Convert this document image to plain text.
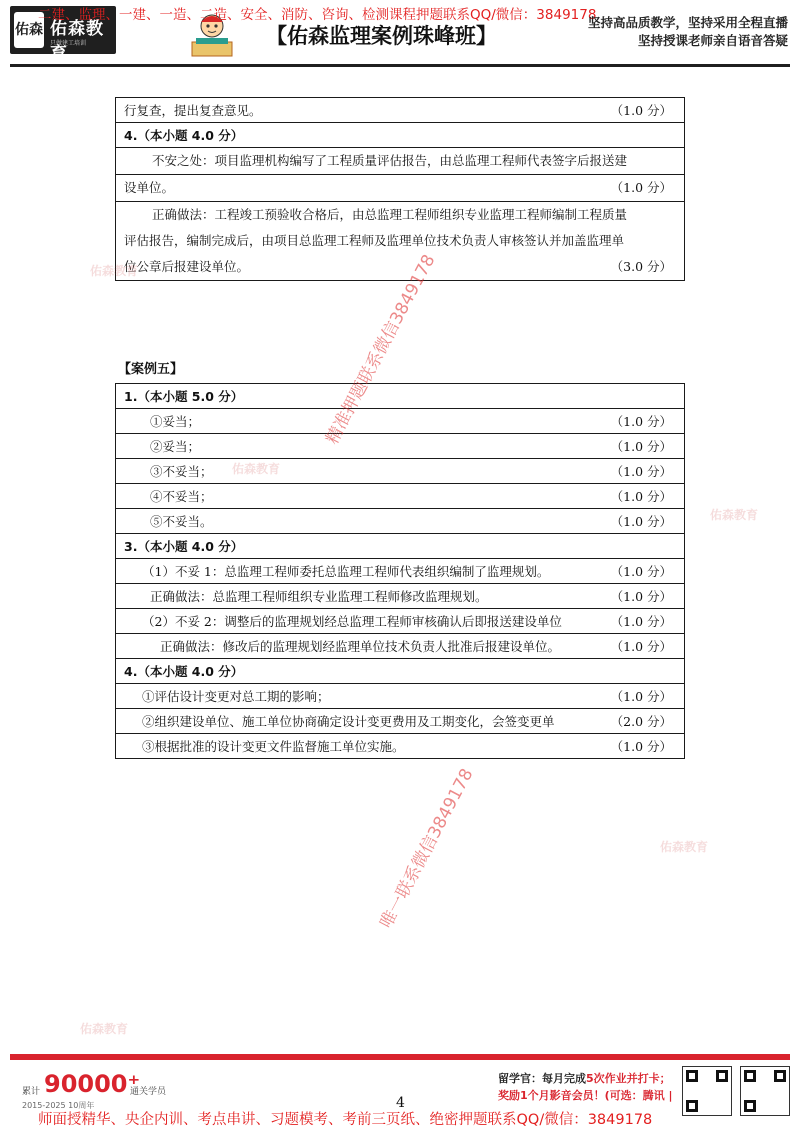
佑森 佑森教育
只做建工培训
二建、监理、一建、一造、二造、安全、消防、咨询、检测课程押题联系QQ/微信：3849178
【佑森监理案例珠峰班】
坚持高品质教学，坚持采用全程直播
坚持授课老师亲自语音答疑
行复查，提出复查意见。	（1.0 分）
4.（本小题 4.0 分）

不安之处：项目监理机构编写了工程质量评估报告，由总监理工程师代表签字后报送建
设单位。	（1.0 分）

正确做法：工程竣工预验收合格后，由总监理工程师组织专业监理工程师编制工程质量
评估报告，编制完成后，由项目总监理工程师及监理单位技术负责人审核签认并加盖监理单
位公章后报建设单位。	（3.0 分）
【案例五】
1.（本小题 5.0 分）	
①妥当；	（1.0 分）
②妥当；	（1.0 分）
③不妥当；	（1.0 分）
④不妥当；	（1.0 分）
⑤不妥当。	（1.0 分）
3.（本小题 4.0 分）	
（1）不妥 1：总监理工程师委托总监理工程师代表组织编制了监理规划。	（1.0 分）
正确做法：总监理工程师组织专业监理工程师修改监理规划。	（1.0 分）
（2）不妥 2：调整后的监理规划经总监理工程师审核确认后即报送建设单位	（1.0 分）
正确做法：修改后的监理规划经监理单位技术负责人批准后报建设单位。	（1.0 分）
4.（本小题 4.0 分）	
①评估设计变更对总工期的影响；	（1.0 分）
②组织建设单位、施工单位协商确定设计变更费用及工期变化，会签变更单	（2.0 分）
③根据批准的设计变更文件监督施工单位实施。	（1.0 分）
精准押题联系微信3849178
唯一联系微信3849178
佑森教育
佑森教育
佑森教育
佑森教育
佑森教育
累计 90000⁺
通关学员
2015-2025 10周年	4
留学官：每月完成5次作业并打卡；
奖励1个月影音会员！(可选：腾讯 |
师面授精华、央企内训、考点串讲、习题模考、考前三页纸、绝密押题联系QQ/微信：3849178
